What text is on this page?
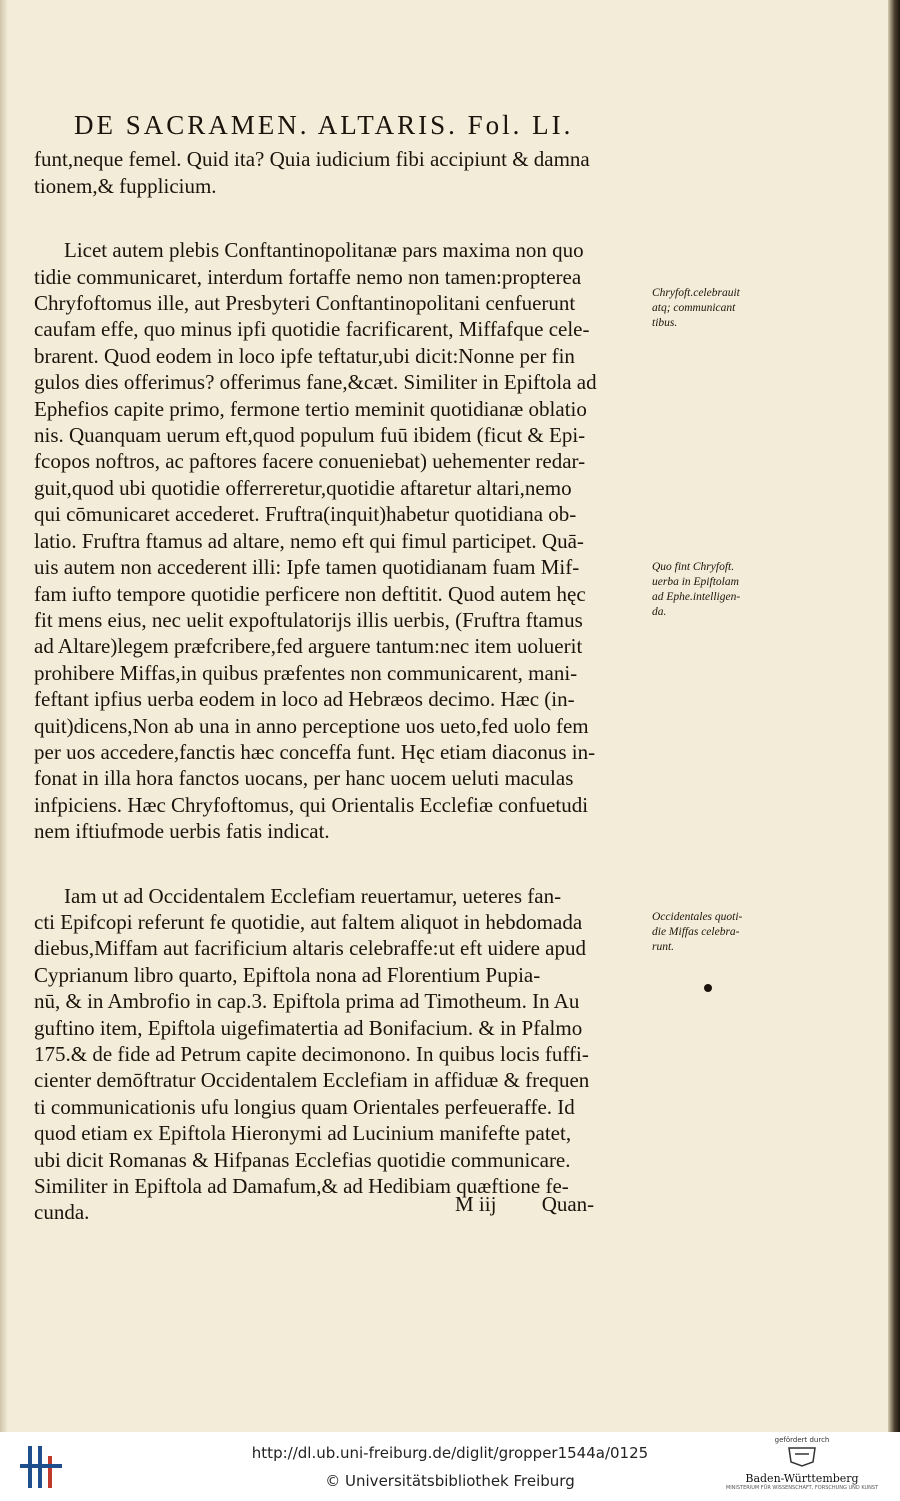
DE SACRAMEN. ALTARIS. Fol. LI.
funt,neque femel. Quid ita? Quia iudicium fibi accipiunt & damna
tionem,& fupplicium.
Licet autem plebis Conftantinopolitanæ pars maxima non quo
tidie communicaret, interdum fortaffe nemo non tamen:propterea
Chryfoftomus ille, aut Presbyteri Conftantinopolitani cenfuerunt
caufam effe, quo minus ipfi quotidie facrificarent, Miffafque cele-
brarent. Quod eodem in loco ipfe teftatur,ubi dicit:Nonne per fin
gulos dies offerimus? offerimus fane,&cæt. Similiter in Epiftola ad
Ephefios capite primo, fermone tertio meminit quotidianæ oblatio
nis. Quanquam uerum eft,quod populum fuū ibidem (ficut & Epi-
fcopos noftros, ac paftores facere conueniebat) uehementer redar-
guit,quod ubi quotidie offerreretur,quotidie aftaretur altari,nemo
qui cōmunicaret accederet. Fruftra(inquit)habetur quotidiana ob-
latio. Fruftra ftamus ad altare, nemo eft qui fimul participet. Quā-
uis autem non accederent illi: Ipfe tamen quotidianam fuam Mif-
fam iufto tempore quotidie perficere non deftitit. Quod autem hęc
fit mens eius, nec uelit expoftulatorijs illis uerbis, (Fruftra ftamus
ad Altare)legem præfcribere,fed arguere tantum:nec item uoluerit
prohibere Miffas,in quibus præfentes non communicarent, mani-
feftant ipfius uerba eodem in loco ad Hebræos decimo. Hæc (in-
quit)dicens,Non ab una in anno perceptione uos ueto,fed uolo fem
per uos accedere,fanctis hæc conceffa funt. Hęc etiam diaconus in-
fonat in illa hora fanctos uocans, per hanc uocem ueluti maculas
infpiciens. Hæc Chryfoftomus, qui Orientalis Ecclefiæ confuetudi
nem iftiufmode uerbis fatis indicat.
Iam ut ad Occidentalem Ecclefiam reuertamur, ueteres fan-
cti Epifcopi referunt fe quotidie, aut faltem aliquot in hebdomada
diebus,Miffam aut facrificium altaris celebraffe:ut eft uidere apud
Cyprianum libro quarto, Epiftola nona ad Florentium Pupia-
nū, & in Ambrofio in cap.3. Epiftola prima ad Timotheum. In Au
guftino item, Epiftola uigefimatertia ad Bonifacium. & in Pfalmo
175.& de fide ad Petrum capite decimonono. In quibus locis fuffi-
cienter demōftratur Occidentalem Ecclefiam in affiduæ & frequen
ti communicationis ufu longius quam Orientales perfeueraffe. Id
quod etiam ex Epiftola Hieronymi ad Lucinium manifefte patet,
ubi dicit Romanas & Hifpanas Ecclefias quotidie communicare.
Similiter in Epiftola ad Damafum,& ad Hedibiam quæftione fe-
cunda.
Chryfoft.celebrauit
atq; communicant
tibus.
Quo fint Chryfoft.
uerba in Epiftolam
ad Ephe.intelligen-
da.
Occidentales quoti-
die Miffas celebra-
runt.
M iij Quan-
http://dl.ub.uni-freiburg.de/diglit/gropper1544a/0125
© Universitätsbibliothek Freiburg
gefördert durch
Baden-Württemberg
MINISTERIUM FÜR WISSENSCHAFT, FORSCHUNG UND KUNST
